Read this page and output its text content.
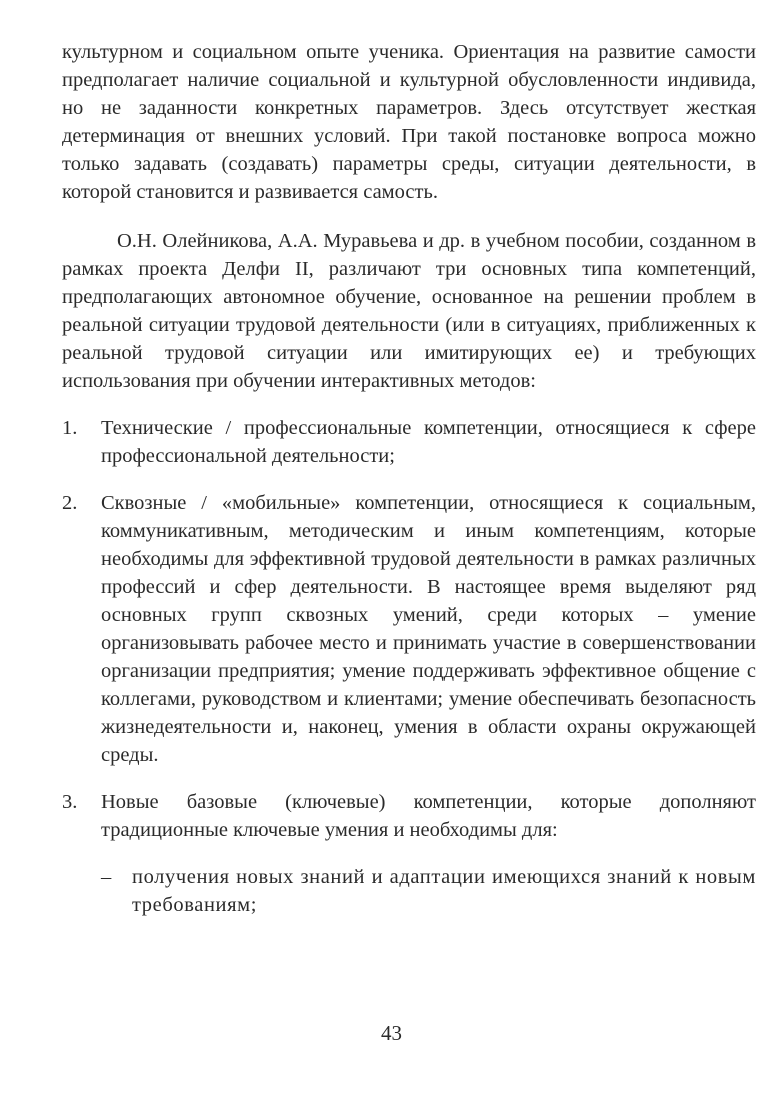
культурном и социальном опыте ученика. Ориентация на развитие самости предполагает наличие социальной и культурной обусловленности индивида, но не заданности конкретных параметров. Здесь отсутствует жесткая детерминация от внешних условий. При такой постановке вопроса можно только задавать (создавать) параметры среды, ситуации деятельности, в которой становится и развивается самость.

О.Н. Олейникова, А.А. Муравьева и др. в учебном пособии, созданном в рамках проекта Делфи II, различают три основных типа компетенций, предполагающих автономное обучение, основанное на решении проблем в реальной ситуации трудовой деятельности (или в ситуациях, приближенных к реальной трудовой ситуации или имитирующих ее) и требующих использования при обучении интерактивных методов:

1. Технические / профессиональные компетенции, относящиеся к сфере профессиональной деятельности;
2. Сквозные / «мобильные» компетенции, относящиеся к социальным, коммуникативным, методическим и иным компетенциям, которые необходимы для эффективной трудовой деятельности в рамках различных профессий и сфер деятельности. В настоящее время выделяют ряд основных групп сквозных умений, среди которых – умение организовывать рабочее место и принимать участие в совершенствовании организации предприятия; умение поддерживать эффективное общение с коллегами, руководством и клиентами; умение обеспечивать безопасность жизнедеятельности и, наконец, умения в области охраны окружающей среды.
3. Новые базовые (ключевые) компетенции, которые дополняют традиционные ключевые умения и необходимы для:
– получения новых знаний и адаптации имеющихся знаний к новым требованиям;
43
